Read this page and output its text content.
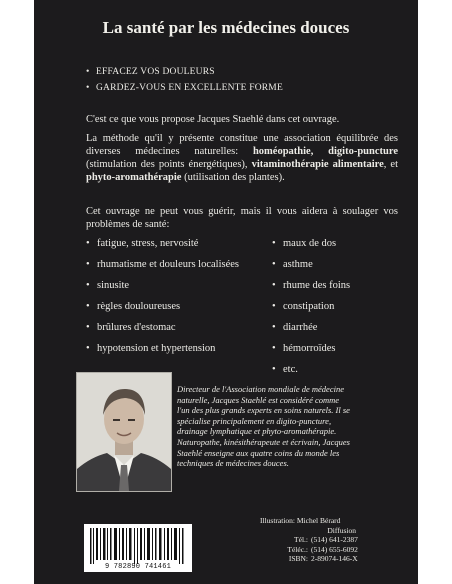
La santé par les médecines douces
• EFFACEZ VOS DOULEURS
• GARDEZ-VOUS EN EXCELLENTE FORME
C'est ce que vous propose Jacques Staehlé dans cet ouvrage.
La méthode qu'il y présente constitue une association équilibrée des diverses médecines naturelles: homéopathie, digito-puncture (stimulation des points énergétiques), vitaminothérapie alimentaire, et phyto-aromathérapie (utilisation des plantes).
Cet ouvrage ne peut vous guérir, mais il vous aidera à soulager vos problèmes de santé:
• fatigue, stress, nervosité
• rhumatisme et douleurs localisées
• sinusite
• règles douloureuses
• brûlures d'estomac
• hypotension et hypertension
• maux de dos
• asthme
• rhume des foins
• constipation
• diarrhée
• hémorroïdes
• etc.
Directeur de l'Association mondiale de médecine naturelle, Jacques Staehlé est considéré comme l'un des plus grands experts en soins naturels. Il se spécialise principalement en digito-puncture, drainage lymphatique et phyto-aromathérapie. Naturopathe, kinésithérapeute et écrivain, Jacques Staehlé enseigne aux quatre coins du monde les techniques de médecines douces.
9 782890 741461
Illustration: Michel Bérard
Diffusion
Tél.: (514) 641-2387
Téléc.: (514) 655-6092
ISBN: 2-89074-146-X
